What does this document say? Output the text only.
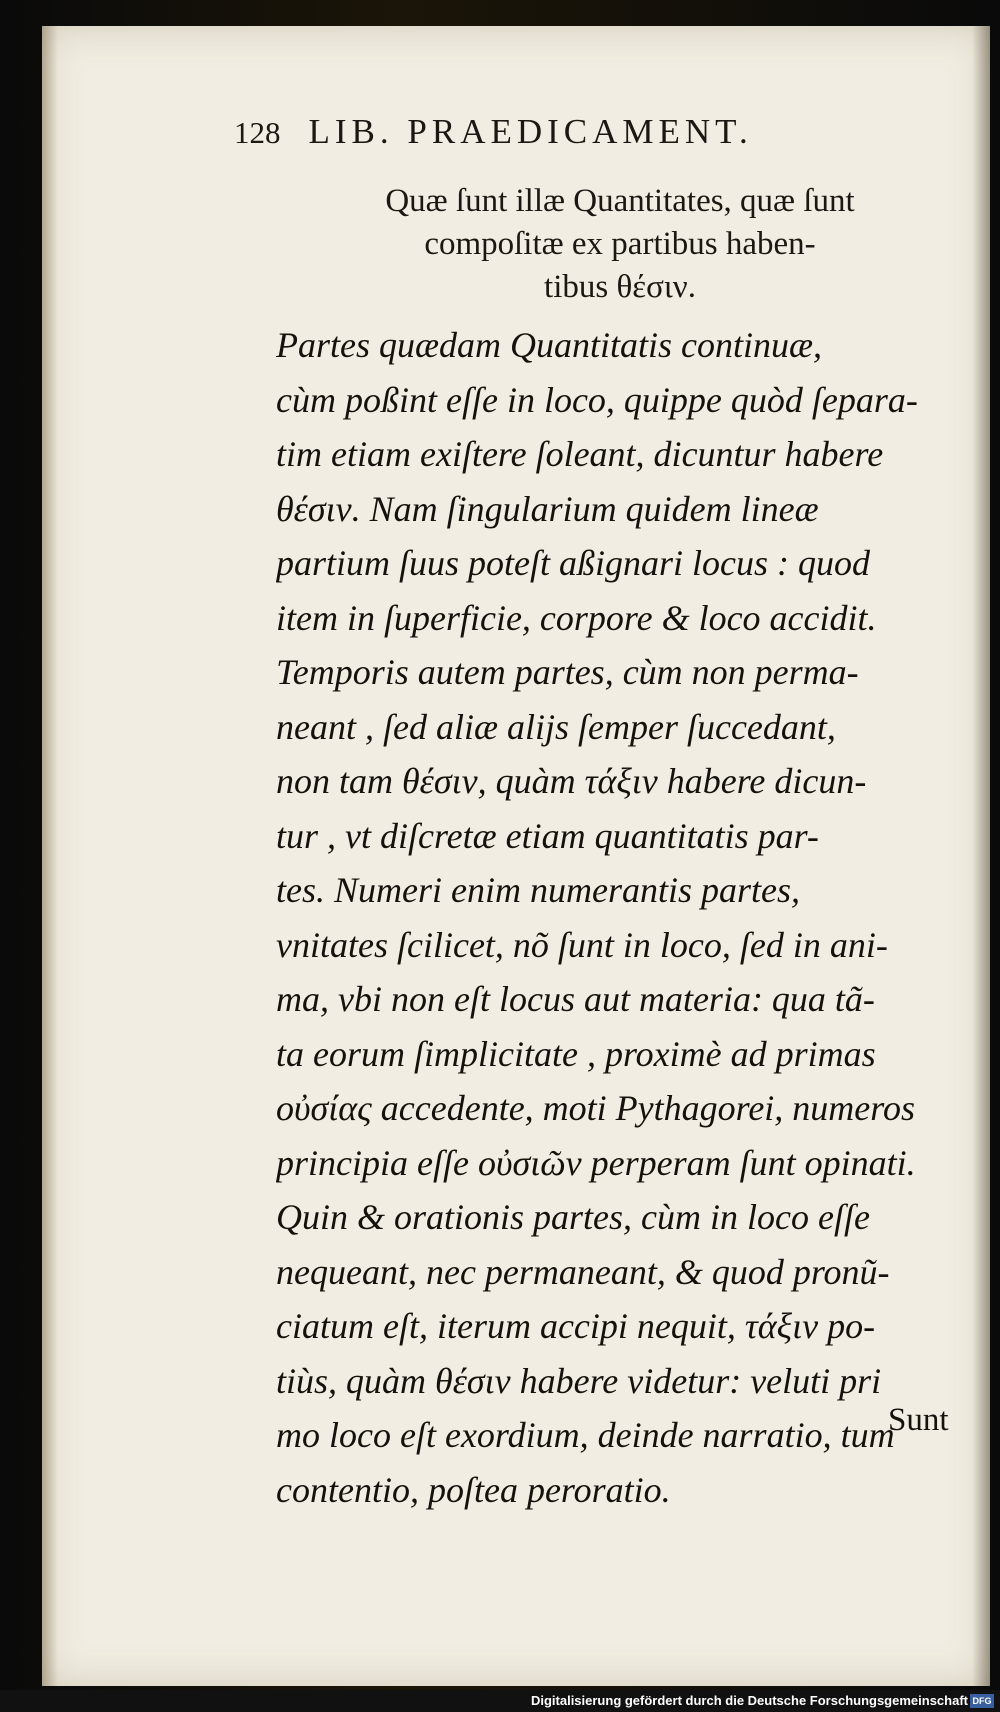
128 LIB. PRAEDICAMENT.
Quæ ſunt illæ Quantitates, quæ ſunt
compoſitæ ex partibus haben-
tibus θέσιν.
Partes quædam Quantitatis continuæ,
cùm poßint eſſe in loco, quippe quòd ſepara-
tim etiam exiſtere ſoleant, dicuntur habere
θέσιν. Nam ſingularium quidem lineæ
partium ſuus poteſt aßignari locus : quod
item in ſuperficie, corpore & loco accidit.
Temporis autem partes, cùm non perma-
neant , ſed aliæ alijs ſemper ſuccedant,
non tam θέσιν, quàm τάξιν habere dicun-
tur , vt diſcretæ etiam quantitatis par-
tes. Numeri enim numerantis partes,
vnitates ſcilicet, nõ ſunt in loco, ſed in ani-
ma, vbi non eſt locus aut materia: qua tã-
ta eorum ſimplicitate , proximè ad primas
οὐσίας accedente, moti Pythagorei, numeros
principia eſſe οὐσιῶν perperam ſunt opinati.
Quin & orationis partes, cùm in loco eſſe
nequeant, nec permaneant, & quod pronũ-
ciatum eſt, iterum accipi nequit, τάξιν po-
tiùs, quàm θέσιν habere videtur: veluti pri
mo loco eſt exordium, deinde narratio, tum
contentio, poſtea peroratio.
Sunt
Digitalisierung gefördert durch die Deutsche Forschungsgemeinschaft DFG
